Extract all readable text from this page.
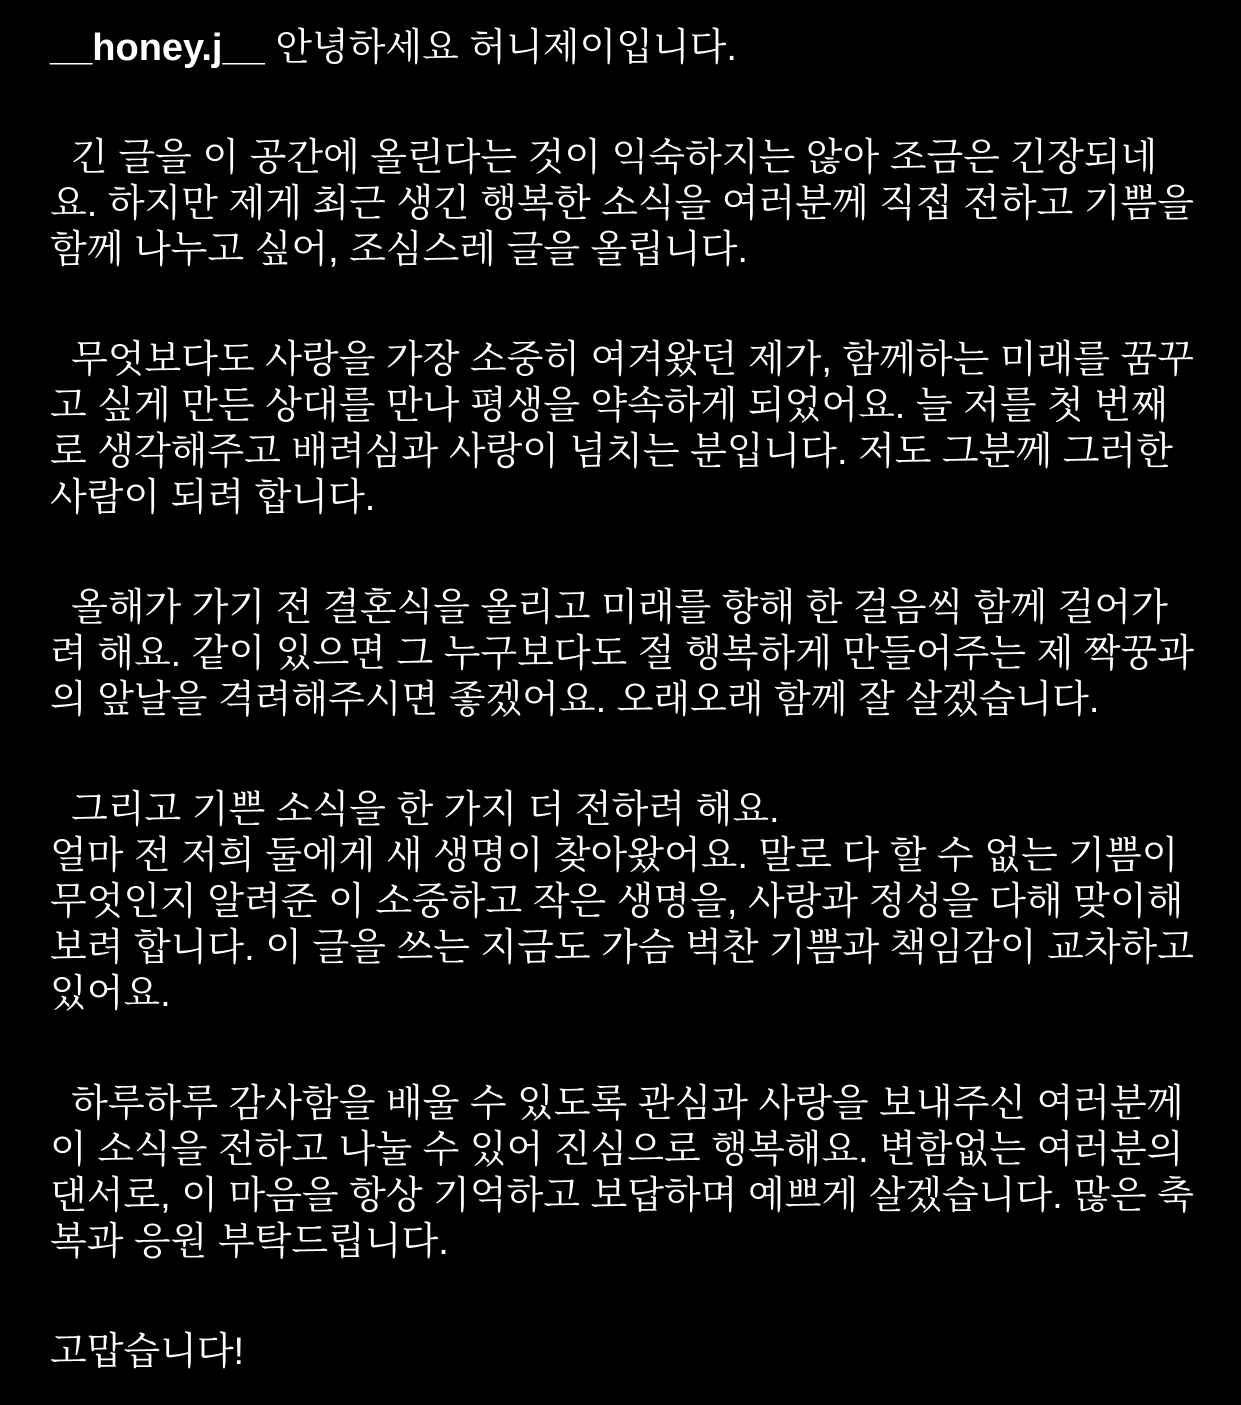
__honey.j__ 안녕하세요 허니제이입니다.
긴 글을 이 공간에 올린다는 것이 익숙하지는 않아 조금은 긴장되네
요. 하지만 제게 최근 생긴 행복한 소식을 여러분께 직접 전하고 기쁨을
함께 나누고 싶어, 조심스레 글을 올립니다.
무엇보다도 사랑을 가장 소중히 여겨왔던 제가, 함께하는 미래를 꿈꾸
고 싶게 만든 상대를 만나 평생을 약속하게 되었어요. 늘 저를 첫 번째
로 생각해주고 배려심과 사랑이 넘치는 분입니다. 저도 그분께 그러한
사람이 되려 합니다.
올해가 가기 전 결혼식을 올리고 미래를 향해 한 걸음씩 함께 걸어가
려 해요. 같이 있으면 그 누구보다도 절 행복하게 만들어주는 제 짝꿍과
의 앞날을 격려해주시면 좋겠어요. 오래오래 함께 잘 살겠습니다.
그리고 기쁜 소식을 한 가지 더 전하려 해요.
얼마 전 저희 둘에게 새 생명이 찾아왔어요. 말로 다 할 수 없는 기쁨이
무엇인지 알려준 이 소중하고 작은 생명을, 사랑과 정성을 다해 맞이해
보려 합니다. 이 글을 쓰는 지금도 가슴 벅찬 기쁨과 책임감이 교차하고
있어요.
하루하루 감사함을 배울 수 있도록 관심과 사랑을 보내주신 여러분께
이 소식을 전하고 나눌 수 있어 진심으로 행복해요. 변함없는 여러분의
댄서로, 이 마음을 항상 기억하고 보답하며 예쁘게 살겠습니다. 많은 축
복과 응원 부탁드립니다.
고맙습니다!
